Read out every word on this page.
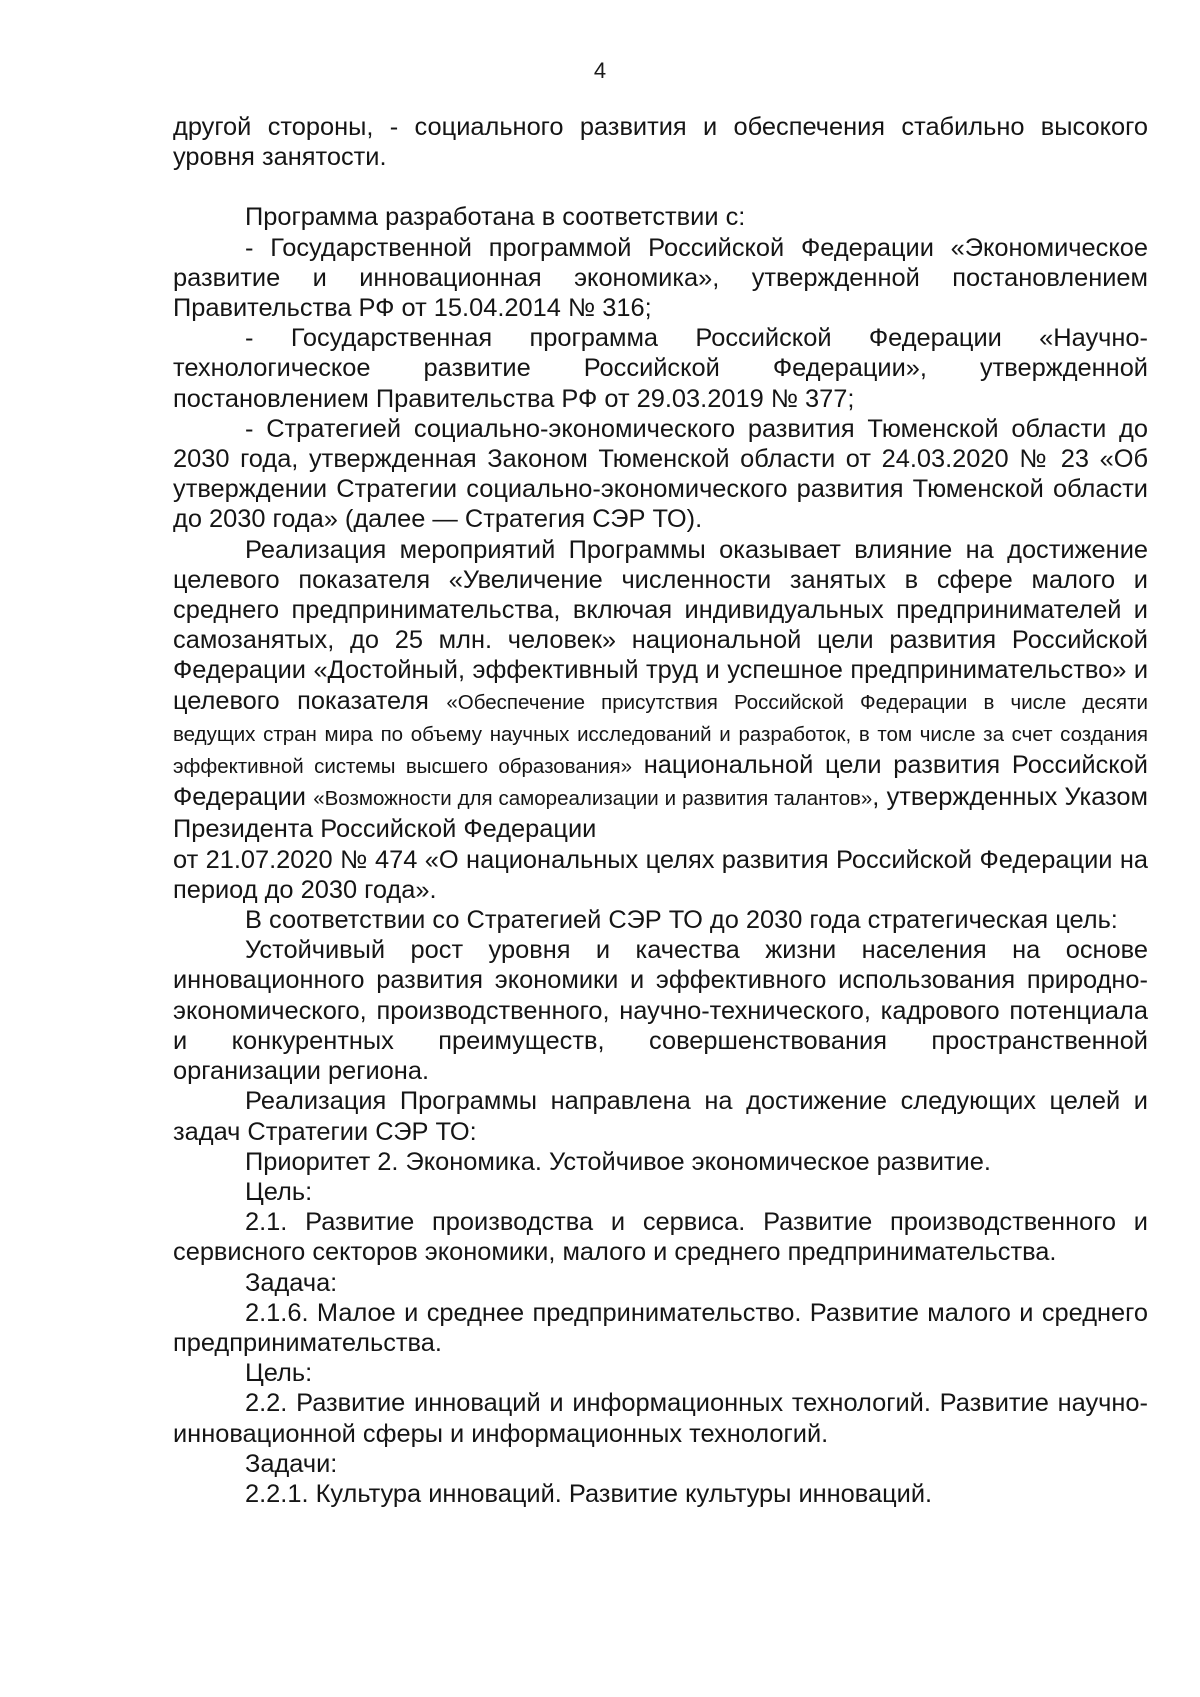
4

другой стороны, - социального развития и обеспечения стабильно высокого уровня занятости.

Программа разработана в соответствии с:

- Государственной программой Российской Федерации «Экономическое развитие и инновационная экономика», утвержденной постановлением Правительства РФ от 15.04.2014 № 316;

- Государственная программа Российской Федерации «Научно-технологическое развитие Российской Федерации», утвержденной постановлением Правительства РФ от 29.03.2019 № 377;

- Стратегией социально-экономического развития Тюменской области до 2030 года, утвержденная Законом Тюменской области от 24.03.2020 № 23 «Об утверждении Стратегии социально-экономического развития Тюменской области до 2030 года» (далее — Стратегия СЭР ТО).

Реализация мероприятий Программы оказывает влияние на достижение целевого показателя «Увеличение численности занятых в сфере малого и среднего предпринимательства, включая индивидуальных предпринимателей и самозанятых, до 25 млн. человек» национальной цели развития Российской Федерации «Достойный, эффективный труд и успешное предпринимательство» и целевого показателя «Обеспечение присутствия Российской Федерации в числе десяти ведущих стран мира по объему научных исследований и разработок, в том числе за счет создания эффективной системы высшего образования» национальной цели развития Российской Федерации «Возможности для самореализации и развития талантов», утвержденных Указом Президента Российской Федерации

от 21.07.2020 № 474 «О национальных целях развития Российской Федерации на период до 2030 года».

В соответствии со Стратегией СЭР ТО до 2030 года стратегическая цель:

Устойчивый рост уровня и качества жизни населения на основе инновационного развития экономики и эффективного использования природно-экономического, производственного, научно-технического, кадрового потенциала и конкурентных преимуществ, совершенствования пространственной организации региона.

Реализация Программы направлена на достижение следующих целей и задач Стратегии СЭР ТО:

Приоритет 2. Экономика. Устойчивое экономическое развитие.

Цель:

2.1. Развитие производства и сервиса. Развитие производственного и сервисного секторов экономики, малого и среднего предпринимательства.

Задача:

2.1.6. Малое и среднее предпринимательство. Развитие малого и среднего предпринимательства.

Цель:

2.2. Развитие инноваций и информационных технологий. Развитие научно-инновационной сферы и информационных технологий.

Задачи:

2.2.1. Культура инноваций. Развитие культуры инноваций.
